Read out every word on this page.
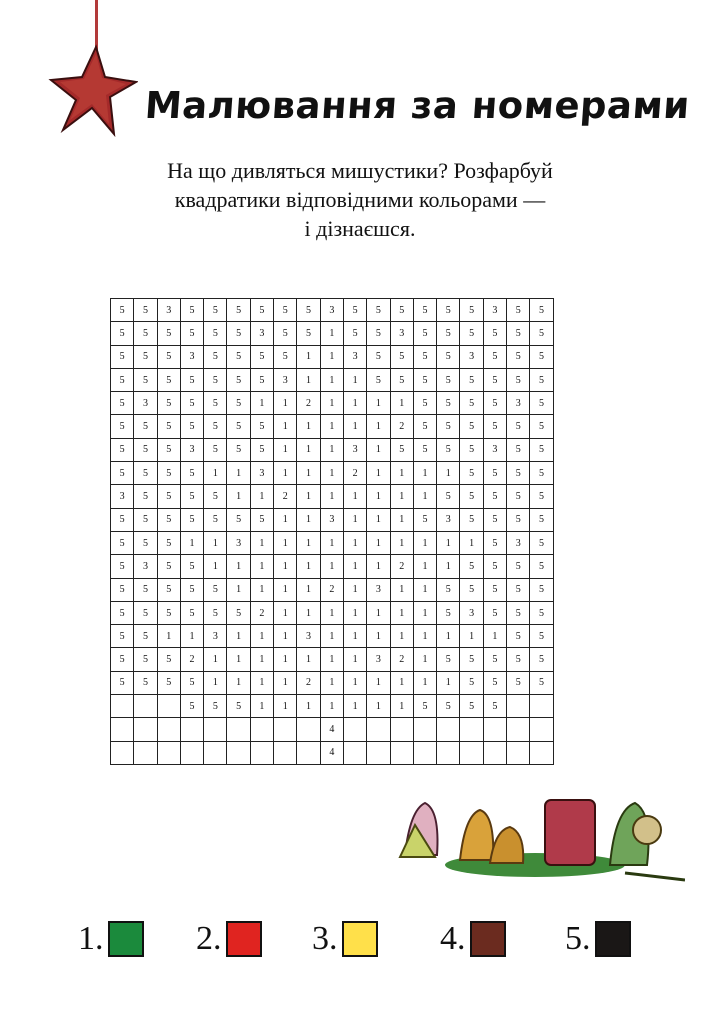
Малювання за номерами
На що дивляться мишустики? Розфарбуй
квадратики відповідними кольорами —
і дізнаєшся.
5	5	3	5	5	5	5	5	5	3	5	5	5	5	5	5	3	5	5
5	5	5	5	5	5	3	5	5	1	5	5	3	5	5	5	5	5	5
5	5	5	3	5	5	5	5	1	1	3	5	5	5	5	3	5	5	5
5	5	5	5	5	5	5	3	1	1	1	5	5	5	5	5	5	5	5
5	3	5	5	5	5	1	1	2	1	1	1	1	5	5	5	5	3	5
5	5	5	5	5	5	5	1	1	1	1	1	2	5	5	5	5	5	5
5	5	5	3	5	5	5	1	1	1	3	1	5	5	5	5	3	5	5
5	5	5	5	1	1	3	1	1	1	2	1	1	1	1	5	5	5	5
3	5	5	5	5	1	1	2	1	1	1	1	1	1	5	5	5	5	5
5	5	5	5	5	5	5	1	1	3	1	1	1	5	3	5	5	5	5
5	5	5	1	1	3	1	1	1	1	1	1	1	1	1	1	5	3	5
5	3	5	5	1	1	1	1	1	1	1	1	2	1	1	5	5	5	5
5	5	5	5	5	1	1	1	1	2	1	3	1	1	5	5	5	5	5
5	5	5	5	5	5	2	1	1	1	1	1	1	1	5	3	5	5	5
5	5	1	1	3	1	1	1	3	1	1	1	1	1	1	1	1	5	5
5	5	5	2	1	1	1	1	1	1	1	3	2	1	5	5	5	5	5
5	5	5	5	1	1	1	1	2	1	1	1	1	1	1	5	5	5	5
			5	5	5	1	1	1	1	1	1	1	5	5	5	5		
									4									
									4									
1.	2.	3.	4.	5.
